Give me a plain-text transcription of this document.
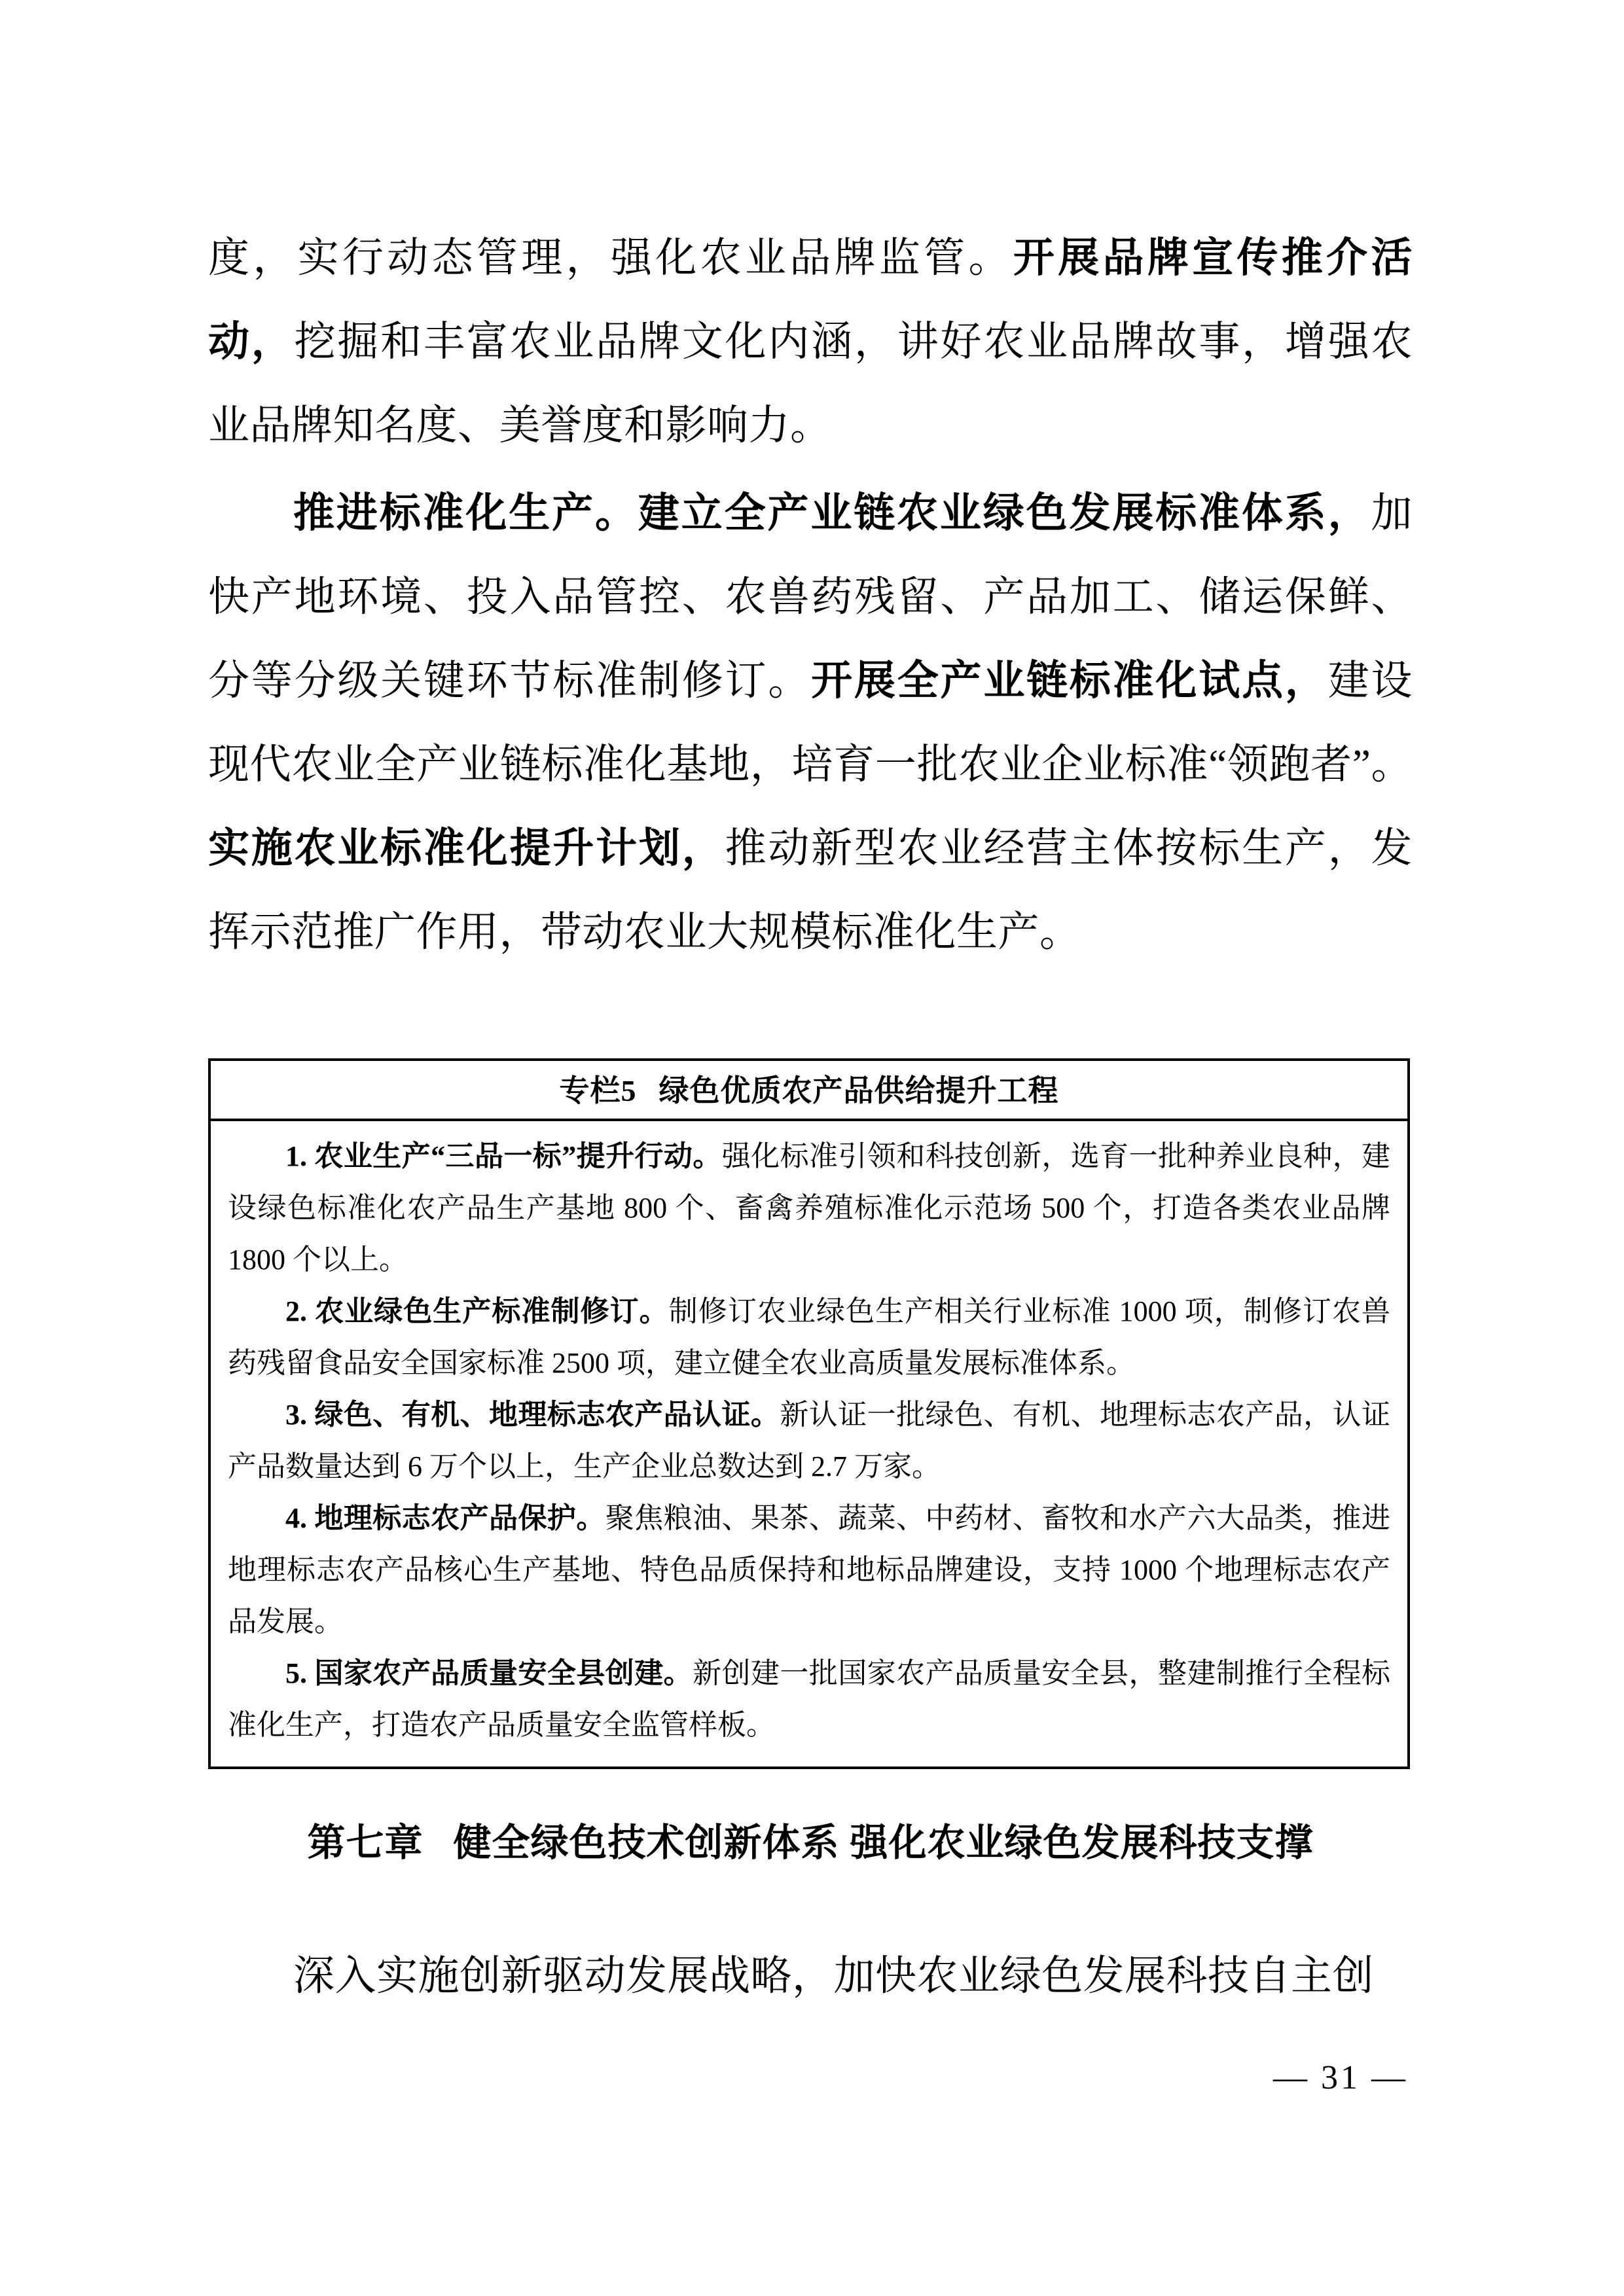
度，实行动态管理，强化农业品牌监管。开展品牌宣传推介活动，挖掘和丰富农业品牌文化内涵，讲好农业品牌故事，增强农业品牌知名度、美誉度和影响力。

推进标准化生产。建立全产业链农业绿色发展标准体系，加快产地环境、投入品管控、农兽药残留、产品加工、储运保鲜、分等分级关键环节标准制修订。开展全产业链标准化试点，建设现代农业全产业链标准化基地，培育一批农业企业标准“领跑者”。实施农业标准化提升计划，推动新型农业经营主体按标生产，发挥示范推广作用，带动农业大规模标准化生产。

专栏5 绿色优质农产品供给提升工程

1. 农业生产“三品一标”提升行动。强化标准引领和科技创新，选育一批种养业良种，建设绿色标准化农产品生产基地 800 个、畜禽养殖标准化示范场 500 个，打造各类农业品牌 1800 个以上。

2. 农业绿色生产标准制修订。制修订农业绿色生产相关行业标准 1000 项，制修订农兽药残留食品安全国家标准 2500 项，建立健全农业高质量发展标准体系。

3. 绿色、有机、地理标志农产品认证。新认证一批绿色、有机、地理标志农产品，认证产品数量达到 6 万个以上，生产企业总数达到 2.7 万家。

4. 地理标志农产品保护。聚焦粮油、果茶、蔬菜、中药材、畜牧和水产六大品类，推进地理标志农产品核心生产基地、特色品质保持和地标品牌建设，支持 1000 个地理标志农产品发展。

5. 国家农产品质量安全县创建。新创建一批国家农产品质量安全县，整建制推行全程标准化生产，打造农产品质量安全监管样板。

第七章 健全绿色技术创新体系 强化农业绿色发展科技支撑

深入实施创新驱动发展战略，加快农业绿色发展科技自主创

— 31 —
